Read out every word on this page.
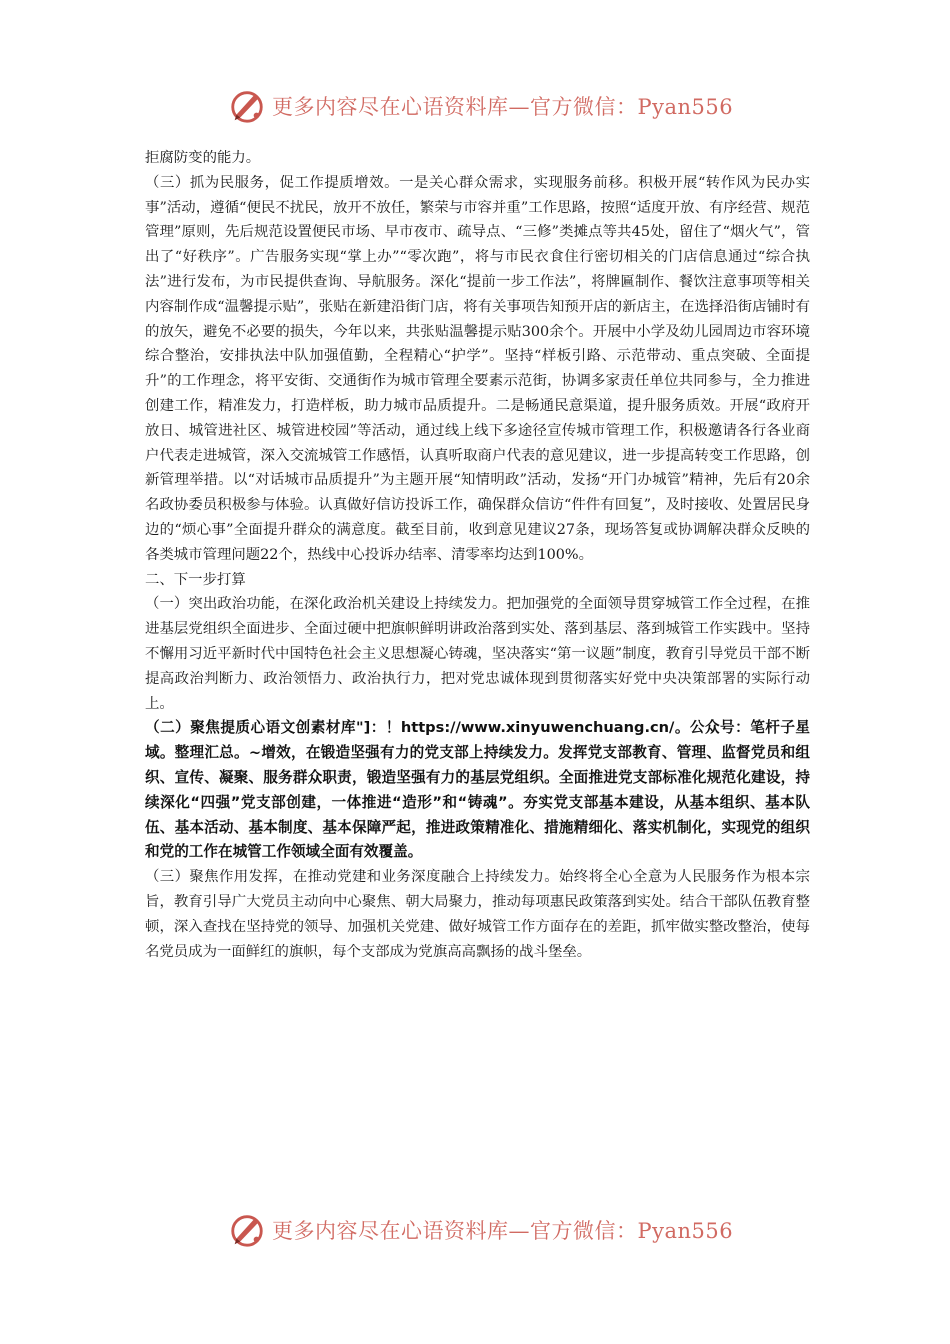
更多内容尽在心语资料库—官方微信：Pyan556

拒腐防变的能力。

（三）抓为民服务，促工作提质增效。一是关心群众需求，实现服务前移。积极开展“转作风为民办实事”活动，遵循“便民不扰民，放开不放任，繁荣与市容并重”工作思路，按照“适度开放、有序经营、规范管理”原则，先后规范设置便民市场、早市夜市、疏导点、“三修”类摊点等共45处，留住了“烟火气”，管出了“好秩序”。广告服务实现“掌上办”“零次跑”，将与市民衣食住行密切相关的门店信息通过“综合执法”进行发布，为市民提供查询、导航服务。深化“提前一步工作法”，将牌匾制作、餐饮注意事项等相关内容制作成“温馨提示贴”，张贴在新建沿街门店，将有关事项告知预开店的新店主，在选择沿街店铺时有的放矢，避免不必要的损失，今年以来，共张贴温馨提示贴300余个。开展中小学及幼儿园周边市容环境综合整治，安排执法中队加强值勤，全程精心“护学”。坚持“样板引路、示范带动、重点突破、全面提升”的工作理念，将平安街、交通街作为城市管理全要素示范街，协调多家责任单位共同参与，全力推进创建工作，精准发力，打造样板，助力城市品质提升。二是畅通民意渠道，提升服务质效。开展“政府开放日、城管进社区、城管进校园”等活动，通过线上线下多途径宣传城市管理工作，积极邀请各行各业商户代表走进城管，深入交流城管工作感悟，认真听取商户代表的意见建议，进一步提高转变工作思路，创新管理举措。以“对话城市品质提升”为主题开展“知情明政”活动，发扬“开门办城管”精神，先后有20余名政协委员积极参与体验。认真做好信访投诉工作，确保群众信访“件件有回复”，及时接收、处置居民身边的“烦心事”全面提升群众的满意度。截至目前，收到意见建议27条，现场答复或协调解决群众反映的各类城市管理问题22个，热线中心投诉办结率、清零率均达到100%。

二、下一步打算

（一）突出政治功能，在深化政治机关建设上持续发力。把加强党的全面领导贯穿城管工作全过程，在推进基层党组织全面进步、全面过硬中把旗帜鲜明讲政治落到实处、落到基层、落到城管工作实践中。坚持不懈用习近平新时代中国特色社会主义思想凝心铸魂，坚决落实“第一议题”制度，教育引导党员干部不断提高政治判断力、政治领悟力、政治执行力，把对党忠诚体现到贯彻落实好党中央决策部署的实际行动上。

（二）聚焦提质心语文创素材库"]：！https://www.xinyuwenchuang.cn/。公众号：笔杆子星域。整理汇总。~增效，在锻造坚强有力的党支部上持续发力。发挥党支部教育、管理、监督党员和组织、宣传、凝聚、服务群众职责，锻造坚强有力的基层党组织。全面推进党支部标准化规范化建设，持续深化“四强”党支部创建，一体推进“造形”和“铸魂”。夯实党支部基本建设，从基本组织、基本队伍、基本活动、基本制度、基本保障严起，推进政策精准化、措施精细化、落实机制化，实现党的组织和党的工作在城管工作领域全面有效覆盖。

（三）聚焦作用发挥，在推动党建和业务深度融合上持续发力。始终将全心全意为人民服务作为根本宗旨，教育引导广大党员主动向中心聚焦、朝大局聚力，推动每项惠民政策落到实处。结合干部队伍教育整顿，深入查找在坚持党的领导、加强机关党建、做好城管工作方面存在的差距，抓牢做实整改整治，使每名党员成为一面鲜红的旗帜，每个支部成为党旗高高飘扬的战斗堡垒。

更多内容尽在心语资料库—官方微信：Pyan556
